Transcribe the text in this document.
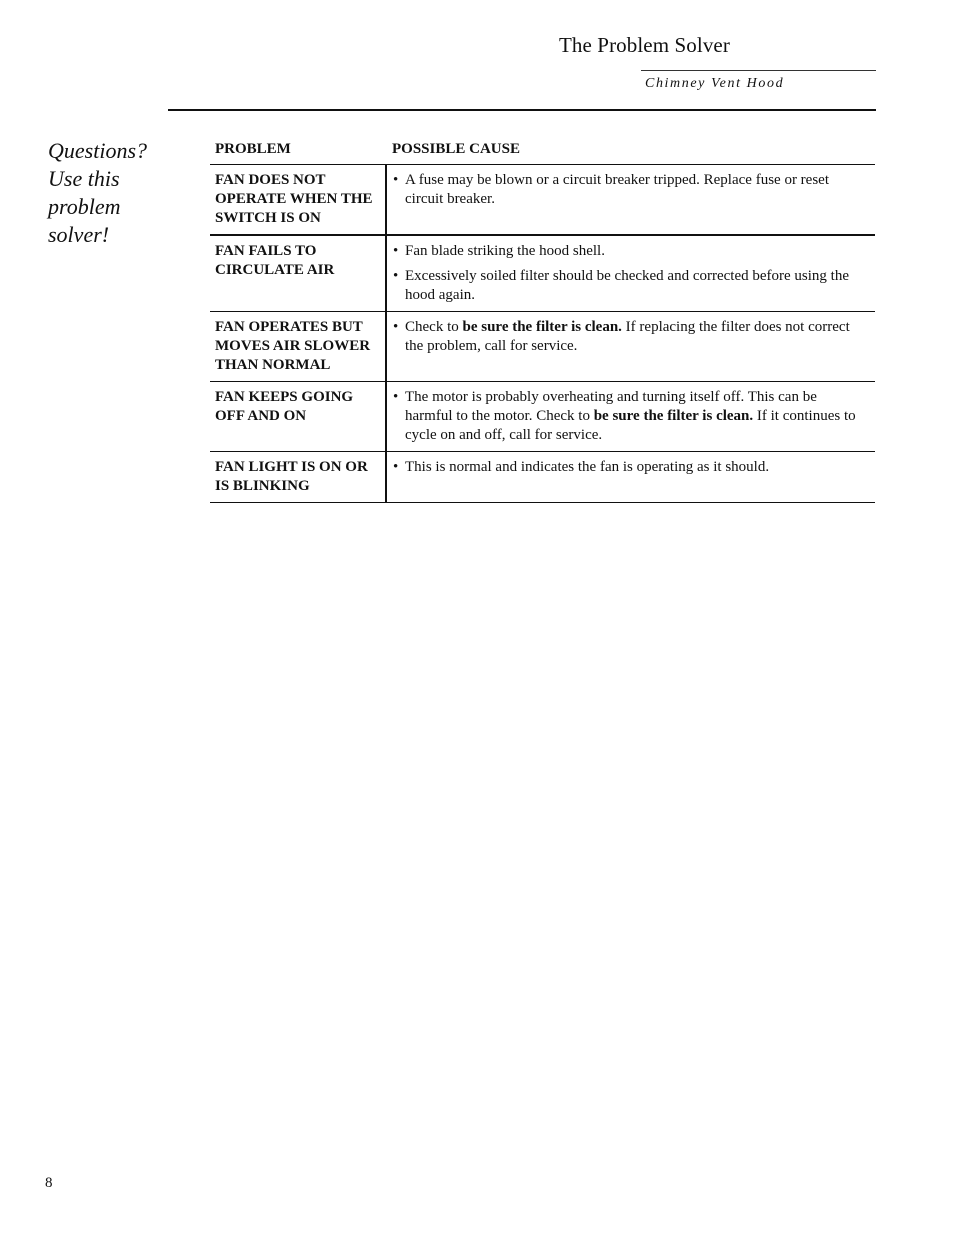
The Problem Solver
Chimney Vent Hood
Questions?
Use this
problem
solver!
PROBLEM	POSSIBLE CAUSE
FAN DOES NOT OPERATE WHEN THE SWITCH IS ON	• A fuse may be blown or a circuit breaker tripped. Replace fuse or reset circuit breaker.

FAN FAILS TO CIRCULATE AIR	• Fan blade striking the hood shell.
• Excessively soiled filter should be checked and corrected before using the hood again.

FAN OPERATES BUT MOVES AIR SLOWER THAN NORMAL	• Check to be sure the filter is clean. If replacing the filter does not correct the problem, call for service.

FAN KEEPS GOING OFF AND ON	• The motor is probably overheating and turning itself off. This can be harmful to the motor. Check to be sure the filter is clean. If it continues to cycle on and off, call for service.

FAN LIGHT IS ON OR IS BLINKING	• This is normal and indicates the fan is operating as it should.
8
